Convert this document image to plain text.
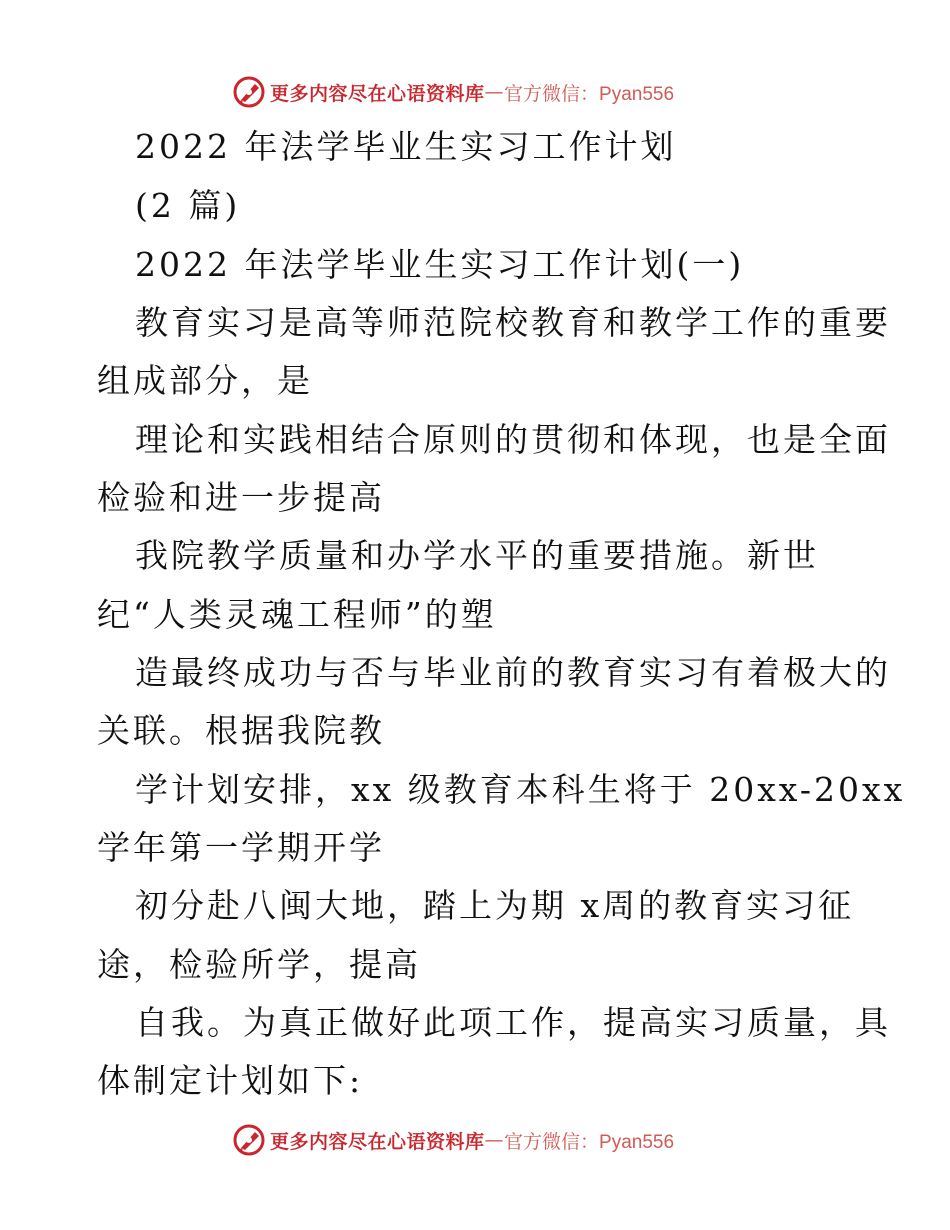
更多内容尽在心语资料库 — 官方微信：Pyan556
2022 年法学毕业生实习工作计划
(2 篇)
2022 年法学毕业生实习工作计划(一)
教育实习是高等师范院校教育和教学工作的重要
组成部分，是
理论和实践相结合原则的贯彻和体现，也是全面
检验和进一步提高
我院教学质量和办学水平的重要措施。新世
纪“人类灵魂工程师”的塑
造最终成功与否与毕业前的教育实习有着极大的
关联。根据我院教
学计划安排，xx 级教育本科生将于 20xx-20xx
学年第一学期开学
初分赴八闽大地，踏上为期 x周的教育实习征
途，检验所学，提高
自我。为真正做好此项工作，提高实习质量，具
体制定计划如下:
更多内容尽在心语资料库 — 官方微信：Pyan556
